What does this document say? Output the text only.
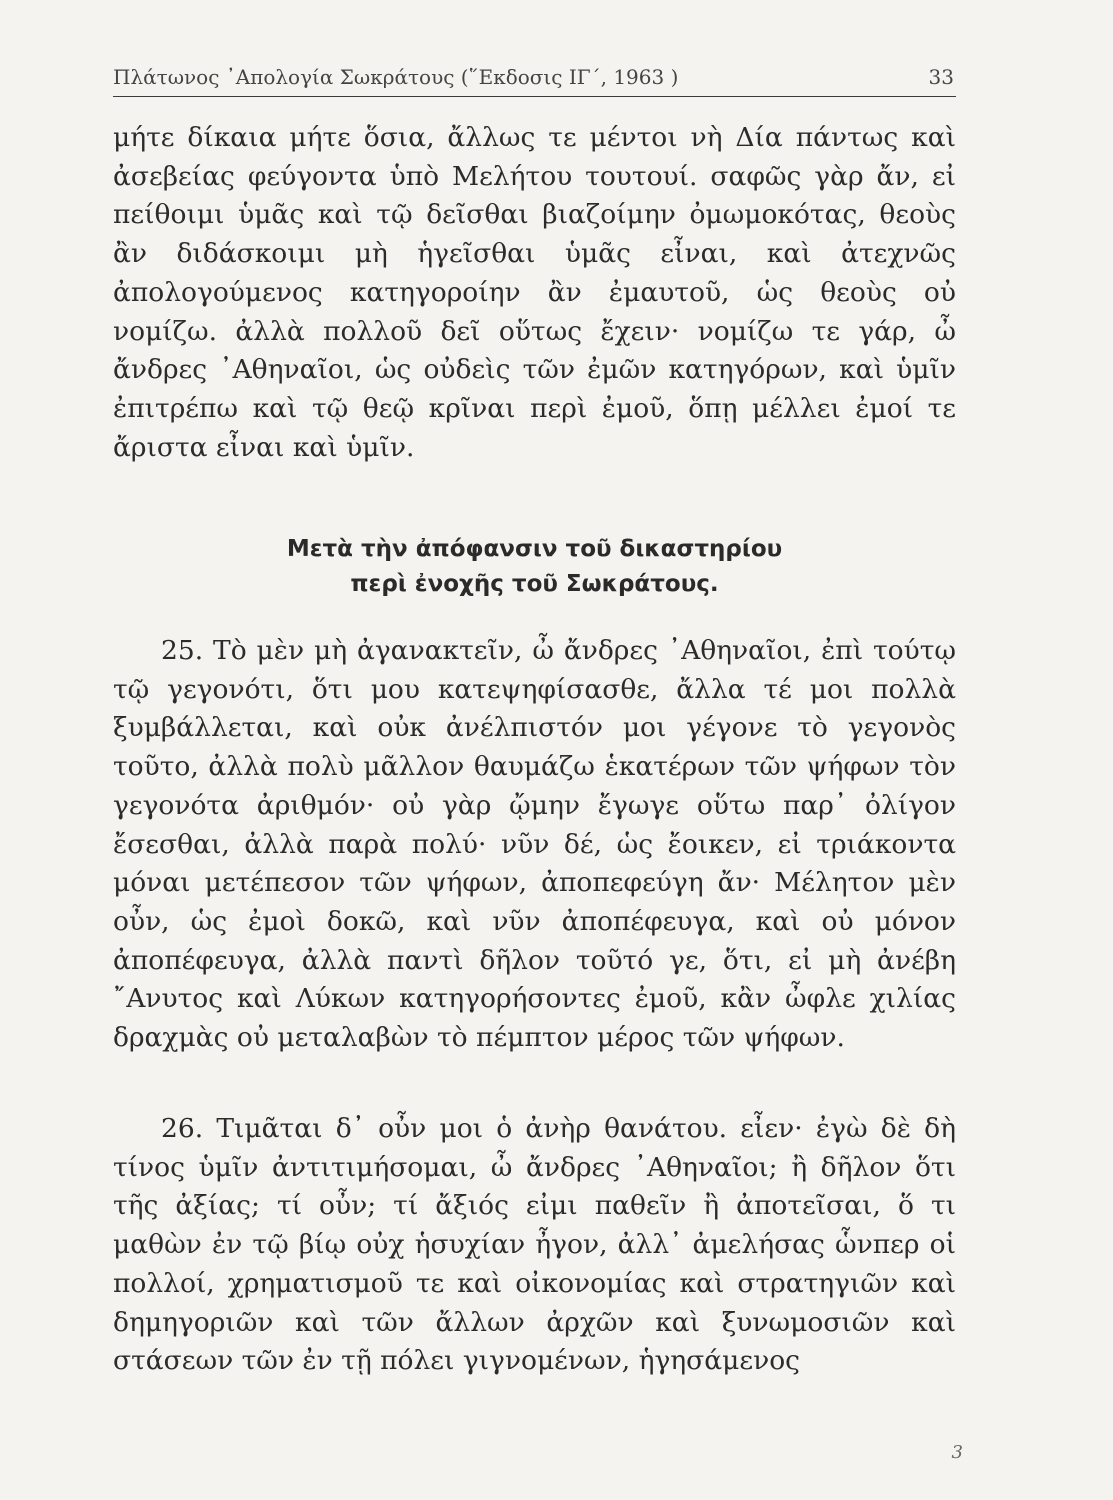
Πλάτωνος ᾿Απολογία Σωκράτους (῞Εκδοσις ΙΓ΄, 1963 )	33

μήτε δίκαια μήτε ὅσια, ἄλλως τε μέντοι νὴ Δία πάντως καὶ ἀσεβείας φεύγοντα ὑπὸ Μελήτου τουτουί. σαφῶς γὰρ ἄν, εἰ πείθοιμι ὑμᾶς καὶ τῷ δεῖσθαι βιαζοίμην ὀμωμοκότας, θεοὺς ἂν διδάσκοιμι μὴ ἡγεῖσθαι ὑμᾶς εἶναι, καὶ ἀτεχνῶς ἀπολογούμενος κατηγοροίην ἂν ἐμαυτοῦ, ὡς θεοὺς οὐ νομίζω. ἀλλὰ πολλοῦ δεῖ οὕτως ἔχειν· νομίζω τε γάρ, ὦ ἄνδρες ᾿Αθηναῖοι, ὡς οὐδεὶς τῶν ἐμῶν κατηγόρων, καὶ ὑμῖν ἐπιτρέπω καὶ τῷ θεῷ κρῖναι περὶ ἐμοῦ, ὅπῃ μέλλει ἐμοί τε ἄριστα εἶναι καὶ ὑμῖν.

Μετὰ τὴν ἀπόφανσιν τοῦ δικαστηρίου
περὶ ἐνοχῆς τοῦ Σωκράτους.

25. Τὸ μὲν μὴ ἀγανακτεῖν, ὦ ἄνδρες ᾿Αθηναῖοι, ἐπὶ τούτῳ τῷ γεγονότι, ὅτι μου κατεψηφίσασθε, ἄλλα τέ μοι πολλὰ ξυμβάλλεται, καὶ οὐκ ἀνέλπιστόν μοι γέγονε τὸ γεγονὸς τοῦτο, ἀλλὰ πολὺ μᾶλλον θαυμάζω ἑκατέρων τῶν ψήφων τὸν γεγονότα ἀριθμόν· οὐ γὰρ ᾤμην ἔγωγε οὕτω παρ᾿ ὀλίγον ἔσεσθαι, ἀλλὰ παρὰ πολύ· νῦν δέ, ὡς ἔοικεν, εἰ τριάκοντα μόναι μετέπεσον τῶν ψήφων, ἀποπεφεύγη ἄν· Μέλητον μὲν οὖν, ὡς ἐμοὶ δοκῶ, καὶ νῦν ἀποπέφευγα, καὶ οὐ μόνον ἀποπέφευγα, ἀλλὰ παντὶ δῆλον τοῦτό γε, ὅτι, εἰ μὴ ἀνέβη ῎Ανυτος καὶ Λύκων κατηγορήσοντες ἐμοῦ, κἂν ὦφλε χιλίας δραχμὰς οὐ μεταλαβὼν τὸ πέμπτον μέρος τῶν ψήφων.

26. Τιμᾶται δ᾿ οὖν μοι ὁ ἀνὴρ θανάτου. εἶεν· ἐγὼ δὲ δὴ τίνος ὑμῖν ἀντιτιμήσομαι, ὦ ἄνδρες ᾿Αθηναῖοι; ἢ δῆλον ὅτι τῆς ἀξίας; τί οὖν; τί ἄξιός εἰμι παθεῖν ἢ ἀποτεῖσαι, ὅ τι μαθὼν ἐν τῷ βίῳ οὐχ ἡσυχίαν ἦγον, ἀλλ᾿ ἀμελήσας ὧνπερ οἱ πολλοί, χρηματισμοῦ τε καὶ οἰκονομίας καὶ στρατηγιῶν καὶ δημηγοριῶν καὶ τῶν ἄλλων ἀρχῶν καὶ ξυνωμοσιῶν καὶ στάσεων τῶν ἐν τῇ πόλει γιγνομένων, ἡγησάμενος

3
